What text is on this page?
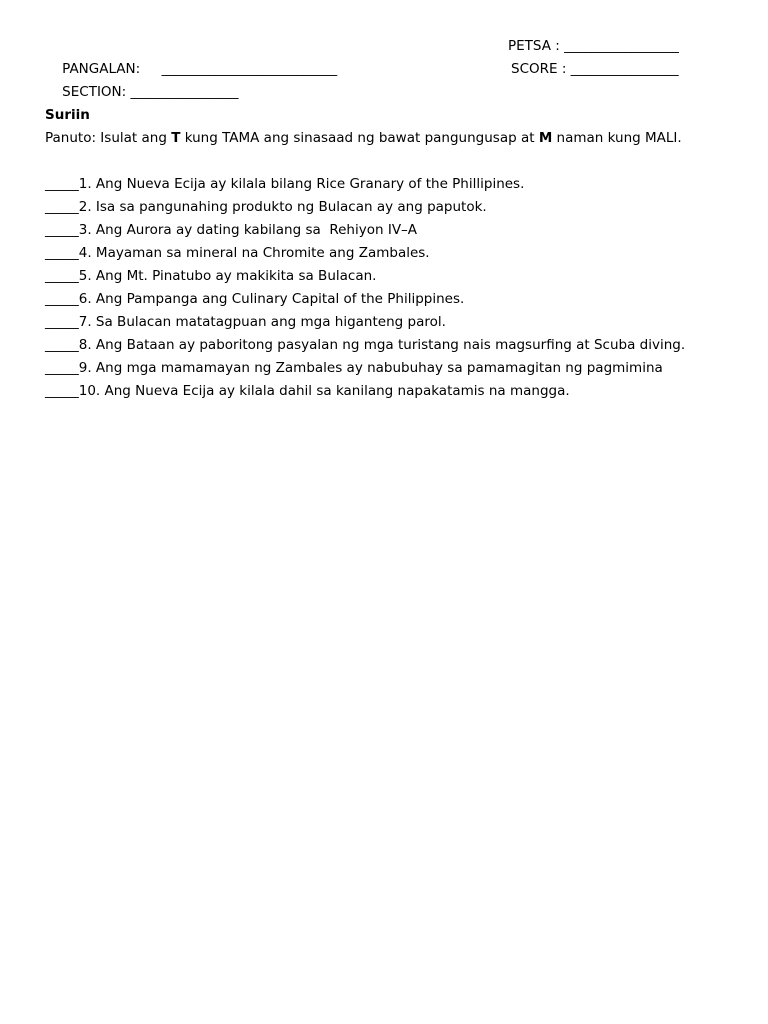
PANGALAN:     __________________________

PETSA : _________________

SECTION: ________________

SCORE : ________________

Suriin
Panuto: Isulat ang T kung TAMA ang sinasaad ng bawat pangungusap at M naman kung MALI.
_____1. Ang Nueva Ecija ay kilala bilang Rice Granary of the Phillipines.
_____2. Isa sa pangunahing produkto ng Bulacan ay ang paputok.
_____3. Ang Aurora ay dating kabilang sa  Rehiyon IV–A
_____4. Mayaman sa mineral na Chromite ang Zambales.
_____5. Ang Mt. Pinatubo ay makikita sa Bulacan.
_____6. Ang Pampanga ang Culinary Capital of the Philippines.
_____7. Sa Bulacan matatagpuan ang mga higanteng parol.
_____8. Ang Bataan ay paboritong pasyalan ng mga turistang nais magsurfing at Scuba diving.
_____9. Ang mga mamamayan ng Zambales ay nabubuhay sa pamamagitan ng pagmimina
_____10. Ang Nueva Ecija ay kilala dahil sa kanilang napakatamis na mangga.
